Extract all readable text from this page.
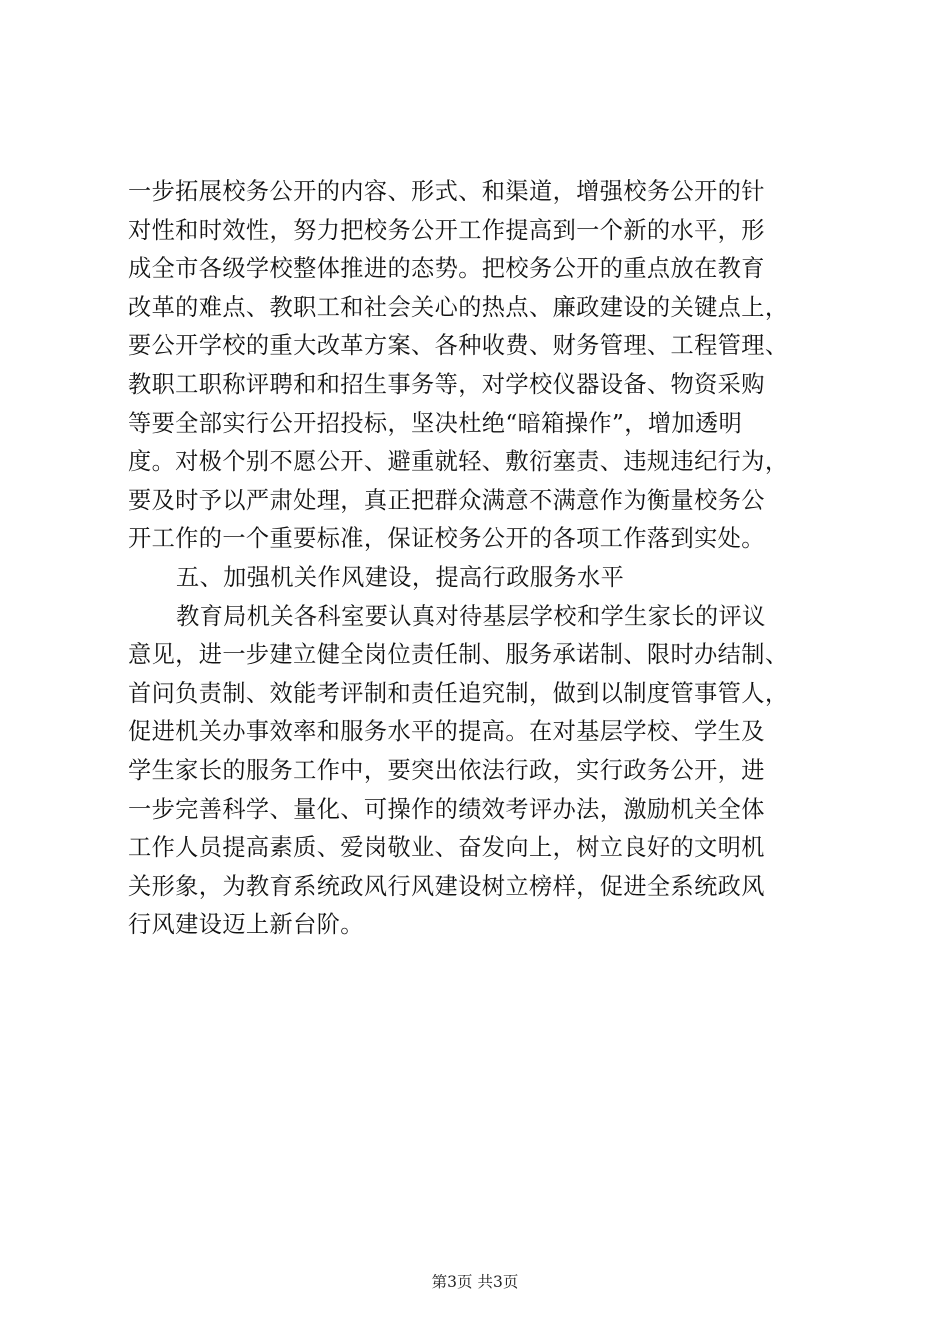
一步拓展校务公开的内容、形式、和渠道，增强校务公开的针
对性和时效性，努力把校务公开工作提高到一个新的水平，形
成全市各级学校整体推进的态势。把校务公开的重点放在教育
改革的难点、教职工和社会关心的热点、廉政建设的关键点上，
要公开学校的重大改革方案、各种收费、财务管理、工程管理、
教职工职称评聘和和招生事务等，对学校仪器设备、物资采购
等要全部实行公开招投标，坚决杜绝“暗箱操作”，增加透明
度。对极个别不愿公开、避重就轻、敷衍塞责、违规违纪行为，
要及时予以严肃处理，真正把群众满意不满意作为衡量校务公
开工作的一个重要标准，保证校务公开的各项工作落到实处。
五、加强机关作风建设，提高行政服务水平
教育局机关各科室要认真对待基层学校和学生家长的评议
意见，进一步建立健全岗位责任制、服务承诺制、限时办结制、
首问负责制、效能考评制和责任追究制，做到以制度管事管人，
促进机关办事效率和服务水平的提高。在对基层学校、学生及
学生家长的服务工作中，要突出依法行政，实行政务公开，进
一步完善科学、量化、可操作的绩效考评办法，激励机关全体
工作人员提高素质、爱岗敬业、奋发向上，树立良好的文明机
关形象，为教育系统政风行风建设树立榜样，促进全系统政风
行风建设迈上新台阶。
第3页 共3页
